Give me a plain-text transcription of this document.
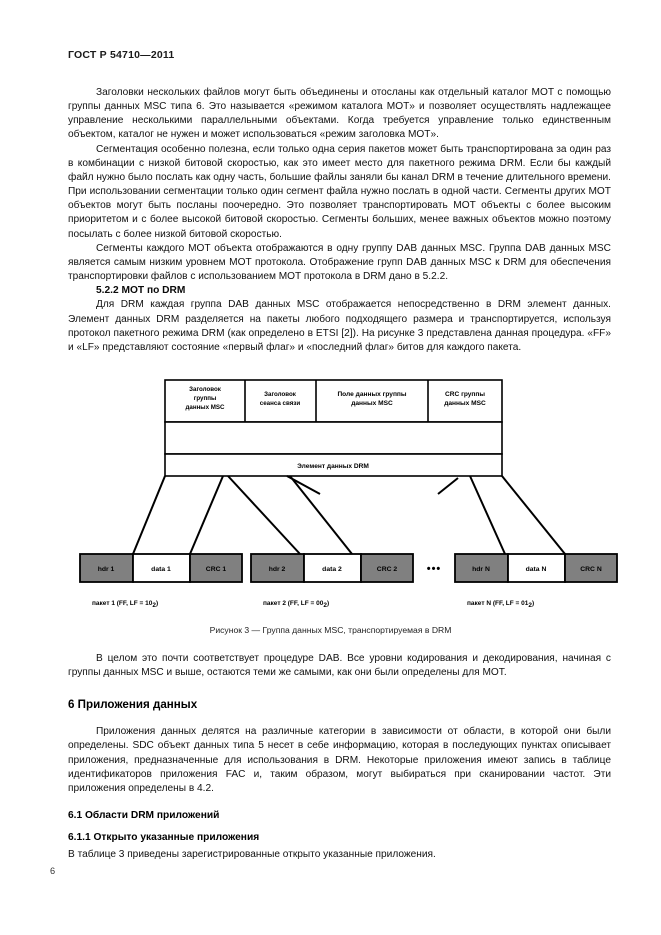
ГОСТ Р 54710—2011

Заголовки нескольких файлов могут быть объединены и отосланы как отдельный каталог MOT с помощью группы данных MSC типа 6. Это называется «режимом каталога MOT» и позволяет осуществлять надлежащее управление несколькими параллельными объектами. Когда требуется управление только единственным объектом, каталог не нужен и может использоваться «режим заголовка MOT».

Сегментация особенно полезна, если только одна серия пакетов может быть транспортирована за один раз в комбинации с низкой битовой скоростью, как это имеет место для пакетного режима DRM. Если бы каждый файл нужно было послать как одну часть, большие файлы заняли бы канал DRM в течение длительного времени. При использовании сегментации только один сегмент файла нужно послать в одной части. Сегменты других MOT объектов могут быть посланы поочередно. Это позволяет транспортировать MOT объекты с более высоким приоритетом и с более высокой битовой скоростью. Сегменты больших, менее важных объектов можно поэтому посылать с более низкой битовой скоростью.

Сегменты каждого MOT объекта отображаются в одну группу DAB данных MSC. Группа DAB данных MSC является самым низким уровнем MOT протокола. Отображение групп DAB данных MSC к DRM для обеспечения транспортировки файлов с использованием MOT протокола в DRM дано в 5.2.2.

5.2.2 MOT по DRM

Для DRM каждая группа DAB данных MSC отображается непосредственно в DRM элемент данных. Элемент данных DRM разделяется на пакеты любого подходящего размера и транспортируется, используя протокол пакетного режима DRM (как определено в ETSI [2]). На рисунке 3 представлена данная процедура. «FF» и «LF» представляют состояние «первый флаг» и «последний флаг» битов для каждого пакета.

Заголовок
группы
данных MSC
Заголовок
сеанса связи
Поле данных группы
данных MSC
CRC группы
данных MSC
Элемент данных DRM
hdr 1	data 1	CRC 1
пакет 1 (FF, LF = 102)
hdr 2	data 2	CRC 2
пакет 2 (FF, LF = 002)
•••	hdr N	data N	CRC N
пакет N (FF, LF = 012)
Рисунок 3 — Группа данных MSC, транспортируемая в DRM

В целом это почти соответствует процедуре DAB. Все уровни кодирования и декодирования, начиная с группы данных MSC и выше, остаются теми же самыми, как они были определены для MOT.

6 Приложения данных

Приложения данных делятся на различные категории в зависимости от области, в которой они были определены. SDC объект данных типа 5 несет в себе информацию, которая в последующих пунктах описывает приложения, предназначенные для использования в DRM. Некоторые приложения имеют запись в таблице идентификаторов приложения FAC и, таким образом, могут выбираться при сканировании частот. Эти приложения определены в 4.2.

6.1 Области DRM приложений
6.1.1 Открыто указанные приложения

В таблице 3 приведены зарегистрированные открыто указанные приложения.

6
